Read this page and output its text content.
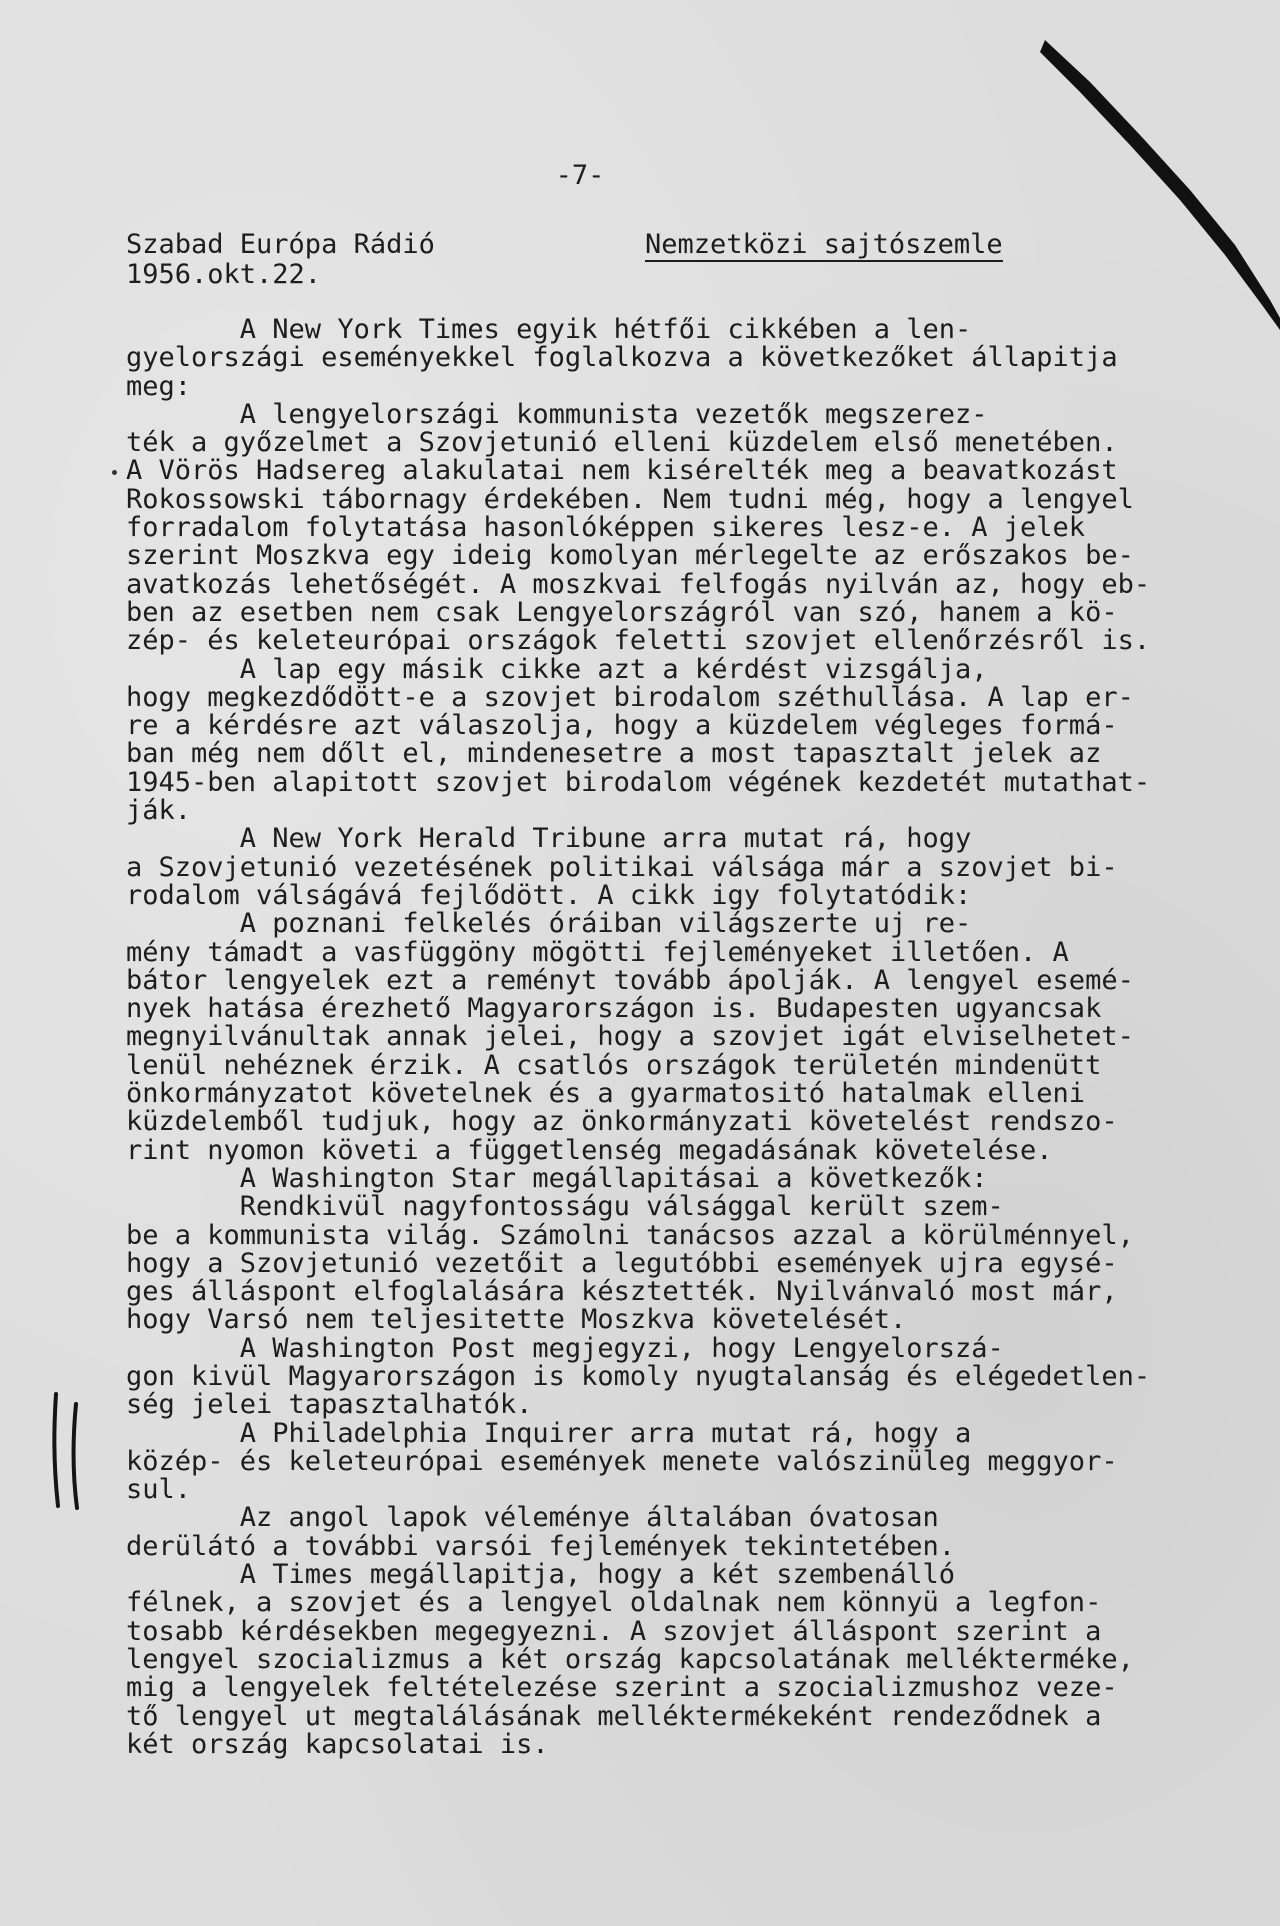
-7-
Szabad Európa Rádió
1956.okt.22.
Nemzetközi sajtószemle
A New York Times egyik hétfői cikkében a len-
gyelországi eseményekkel foglalkozva a következőket állapitja
meg:
A lengyelországi kommunista vezetők megszerez-
ték a győzelmet a Szovjetunió elleni küzdelem első menetében.
A Vörös Hadsereg alakulatai nem kisérelték meg a beavatkozást
Rokossowski tábornagy érdekében. Nem tudni még, hogy a lengyel
forradalom folytatása hasonlóképpen sikeres lesz-e. A jelek
szerint Moszkva egy ideig komolyan mérlegelte az erőszakos be-
avatkozás lehetőségét. A moszkvai felfogás nyilván az, hogy eb-
ben az esetben nem csak Lengyelországról van szó, hanem a kö-
zép- és keleteurópai országok feletti szovjet ellenőrzésről is.
A lap egy másik cikke azt a kérdést vizsgálja,
hogy megkezdődött-e a szovjet birodalom széthullása. A lap er-
re a kérdésre azt válaszolja, hogy a küzdelem végleges formá-
ban még nem dőlt el, mindenesetre a most tapasztalt jelek az
1945-ben alapitott szovjet birodalom végének kezdetét mutathat-
ják.
A New York Herald Tribune arra mutat rá, hogy
a Szovjetunió vezetésének politikai válsága már a szovjet bi-
rodalom válságává fejlődött. A cikk igy folytatódik:
A poznani felkelés óráiban világszerte uj re-
mény támadt a vasfüggöny mögötti fejleményeket illetően. A
bátor lengyelek ezt a reményt tovább ápolják. A lengyel esemé-
nyek hatása érezhető Magyarországon is. Budapesten ugyancsak
megnyilvánultak annak jelei, hogy a szovjet igát elviselhetet-
lenül nehéznek érzik. A csatlós országok területén mindenütt
önkormányzatot követelnek és a gyarmatositó hatalmak elleni
küzdelemből tudjuk, hogy az önkormányzati követelést rendszo-
rint nyomon követi a függetlenség megadásának követelése.
A Washington Star megállapitásai a következők:
Rendkivül nagyfontosságu válsággal került szem-
be a kommunista világ. Számolni tanácsos azzal a körülménnyel,
hogy a Szovjetunió vezetőit a legutóbbi események ujra egysé-
ges álláspont elfoglalására késztették. Nyilvánvaló most már,
hogy Varsó nem teljesitette Moszkva követelését.
A Washington Post megjegyzi, hogy Lengyelorszá-
gon kivül Magyarországon is komoly nyugtalanság és elégedetlen-
ség jelei tapasztalhatók.
A Philadelphia Inquirer arra mutat rá, hogy a
közép- és keleteurópai események menete valószinüleg meggyor-
sul.
Az angol lapok véleménye általában óvatosan
derülátó a további varsói fejlemények tekintetében.
A Times megállapitja, hogy a két szembenálló
félnek, a szovjet és a lengyel oldalnak nem könnyü a legfon-
tosabb kérdésekben megegyezni. A szovjet álláspont szerint a
lengyel szocializmus a két ország kapcsolatának melléktermékе,
mig a lengyelek feltételezése szerint a szocializmushoz vezе-
tő lengyel ut megtalálásának melléktermékeként rendeződnek a
két ország kapcsolatai is.
